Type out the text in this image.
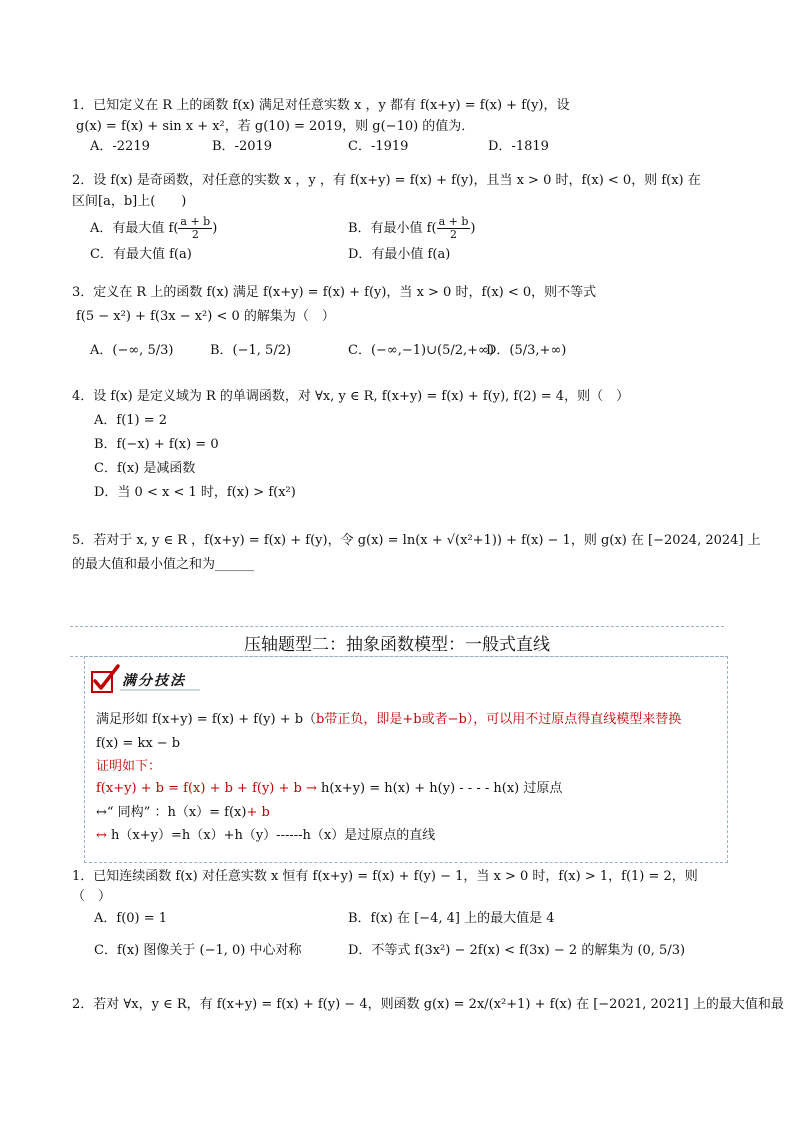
1．已知定义在 R 上的函数 f(x) 满足对任意实数 x ，y 都有 f(x+y) = f(x) + f(y)，设
g(x) = f(x) + sin x + x²，若 g(10) = 2019，则 g(−10) 的值为．
A．-2219	B．-2019	C．-1919	D．-1819
2．设 f(x) 是奇函数，对任意的实数 x ，y ，有 f(x+y) = f(x) + f(y)，且当 x > 0 时，f(x) < 0，则 f(x) 在
区间[a，b]上(　　)
A．有最大值 $f( \frac{a + b}{2}$ )	B．有最小值 $f( \frac{a + b}{2}$ )
C．有最大值 f(a)	D．有最小值 f(a)
3．定义在 R 上的函数 f(x) 满足 f(x+y) = f(x) + f(y)，当 x > 0 时，f(x) < 0，则不等式
f(5 − x²) + f(3x − x²) < 0 的解集为（　）
A．(−∞, 5/3)	B．(−1, 5/2)	C．(−∞,−1)∪(5/2,+∞)
D．(5/3,+∞)
4．设 f(x) 是定义域为 R 的单调函数，对 ∀x, y ∈ R, f(x+y) = f(x) + f(y), f(2) = 4，则（　）
A．f(1) = 2
B．f(−x) + f(x) = 0
C．f(x) 是减函数
D．当 0 < x < 1 时，f(x) > f(x²)
5．若对于 x, y ∈ R ，f(x+y) = f(x) + f(y)，令 g(x) = ln(x + √(x²+1)) + f(x) − 1，则 g(x) 在 [−2024, 2024] 上
的最大值和最小值之和为______
压轴题型二：抽象函数模型：一般式直线
满分技法
满足形如 f(x+y) = f(x) + f(y) + b（b带正负，即是+b或者−b），可以用不过原点得直线模型来替换
f(x) = kx − b
证明如下：
f(x+y) + b = f(x) + b + f(y) + b → h(x+y) = h(x) + h(y) - - - - h(x) 过原点
↔“ 同构” ：h（x）= f(x)+ b
↔ h（x+y）=h（x）+h（y）------h（x）是过原点的直线
1．已知连续函数 f(x) 对任意实数 x 恒有 f(x+y) = f(x) + f(y) − 1，当 x > 0 时，f(x) > 1，f(1) = 2，则
（　）
A．f(0) = 1	B．f(x) 在 [−4, 4] 上的最大值是 4
C．f(x) 图像关于 (−1, 0) 中心对称	D．不等式 f(3x²) − 2f(x) < f(3x) − 2 的解集为 (0, 5/3)
2．若对 ∀x，y ∈ R，有 f(x+y) = f(x) + f(y) − 4，则函数 g(x) = 2x/(x²+1) + f(x) 在 [−2021, 2021] 上的最大值和最
